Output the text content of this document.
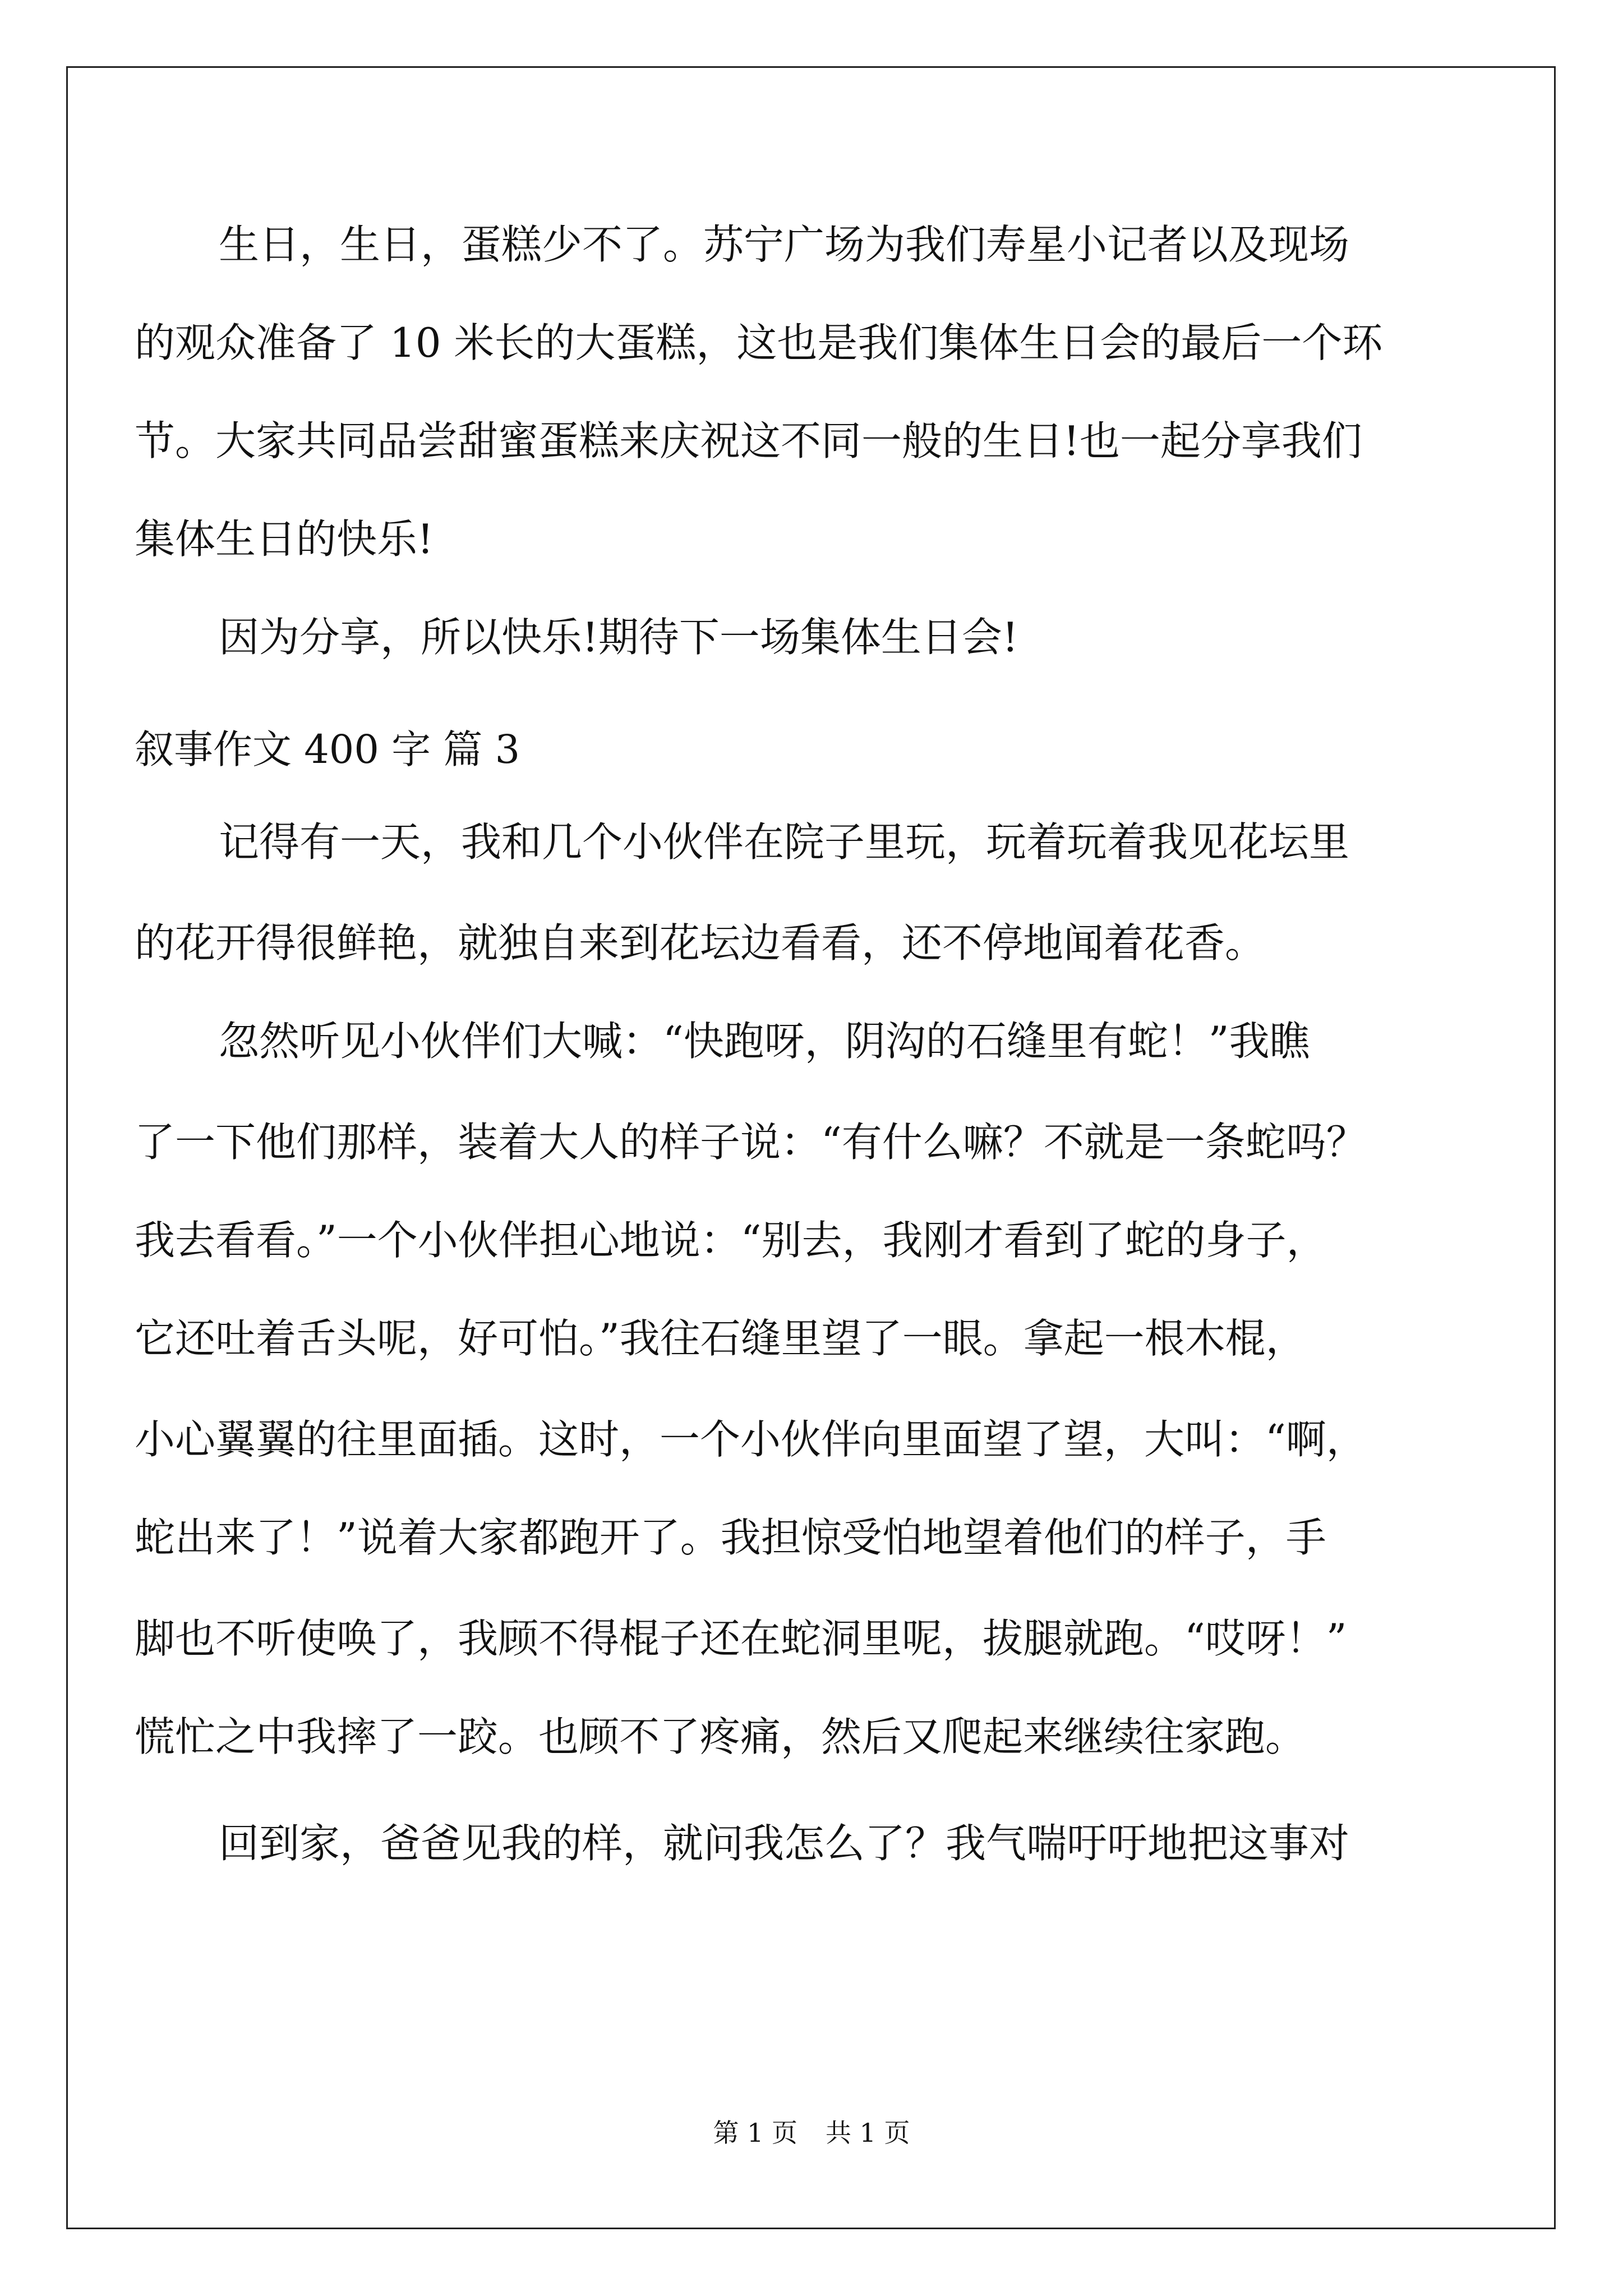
生日，生日，蛋糕少不了。苏宁广场为我们寿星小记者以及现场

的观众准备了 10 米长的大蛋糕，这也是我们集体生日会的最后一个环

节。大家共同品尝甜蜜蛋糕来庆祝这不同一般的生日!也一起分享我们

集体生日的快乐!

因为分享，所以快乐!期待下一场集体生日会!

叙事作文 400 字 篇 3

记得有一天，我和几个小伙伴在院子里玩，玩着玩着我见花坛里

的花开得很鲜艳，就独自来到花坛边看看，还不停地闻着花香。

忽然听见小伙伴们大喊：“快跑呀，阴沟的石缝里有蛇！”我瞧

了一下他们那样，装着大人的样子说：“有什么嘛？不就是一条蛇吗？

我去看看。”一个小伙伴担心地说：“别去，我刚才看到了蛇的身子，

它还吐着舌头呢，好可怕。”我往石缝里望了一眼。拿起一根木棍，

小心翼翼的往里面插。这时，一个小伙伴向里面望了望，大叫：“啊，

蛇出来了！”说着大家都跑开了。我担惊受怕地望着他们的样子，手

脚也不听使唤了，我顾不得棍子还在蛇洞里呢，拔腿就跑。“哎呀！”

慌忙之中我摔了一跤。也顾不了疼痛，然后又爬起来继续往家跑。

回到家，爸爸见我的样，就问我怎么了？我气喘吁吁地把这事对

第 1 页 共 1 页
